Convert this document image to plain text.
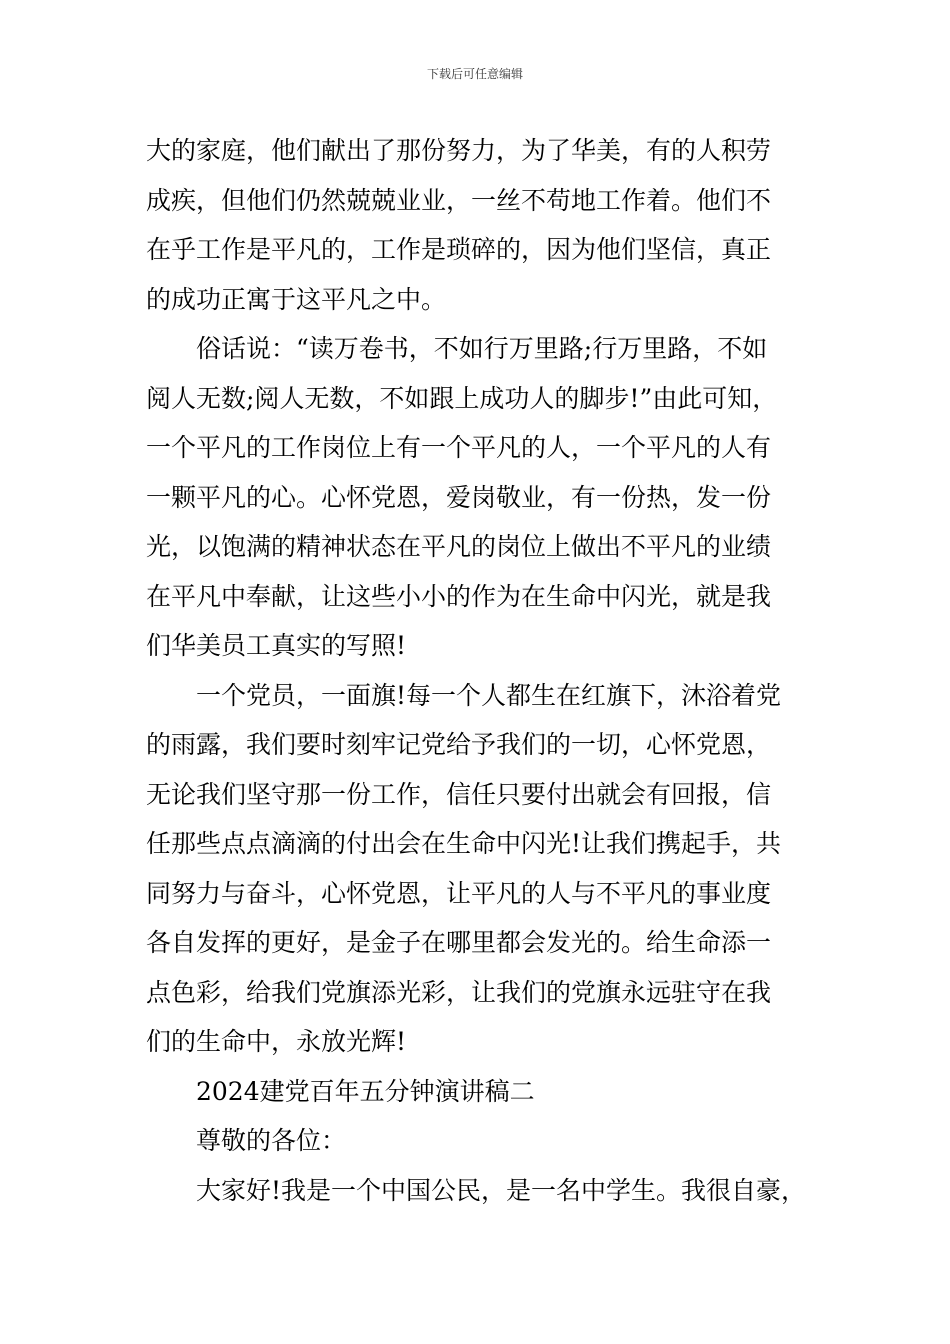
下载后可任意编辑
大的家庭，他们献出了那份努力，为了华美，有的人积劳
成疾，但他们仍然兢兢业业，一丝不苟地工作着。他们不
在乎工作是平凡的，工作是琐碎的，因为他们坚信，真正
的成功正寓于这平凡之中。
俗话说：“读万卷书，不如行万里路;行万里路，不如
阅人无数;阅人无数，不如跟上成功人的脚步!”由此可知，
一个平凡的工作岗位上有一个平凡的人，一个平凡的人有
一颗平凡的心。心怀党恩，爱岗敬业，有一份热，发一份
光，以饱满的精神状态在平凡的岗位上做出不平凡的业绩
在平凡中奉献，让这些小小的作为在生命中闪光，就是我
们华美员工真实的写照!
一个党员，一面旗!每一个人都生在红旗下，沐浴着党
的雨露，我们要时刻牢记党给予我们的一切，心怀党恩，
无论我们坚守那一份工作，信任只要付出就会有回报，信
任那些点点滴滴的付出会在生命中闪光!让我们携起手，共
同努力与奋斗，心怀党恩，让平凡的人与不平凡的事业度
各自发挥的更好，是金子在哪里都会发光的。给生命添一
点色彩，给我们党旗添光彩，让我们的党旗永远驻守在我
们的生命中，永放光辉!
2024建党百年五分钟演讲稿二
尊敬的各位：
大家好!我是一个中国公民，是一名中学生。我很自豪，
